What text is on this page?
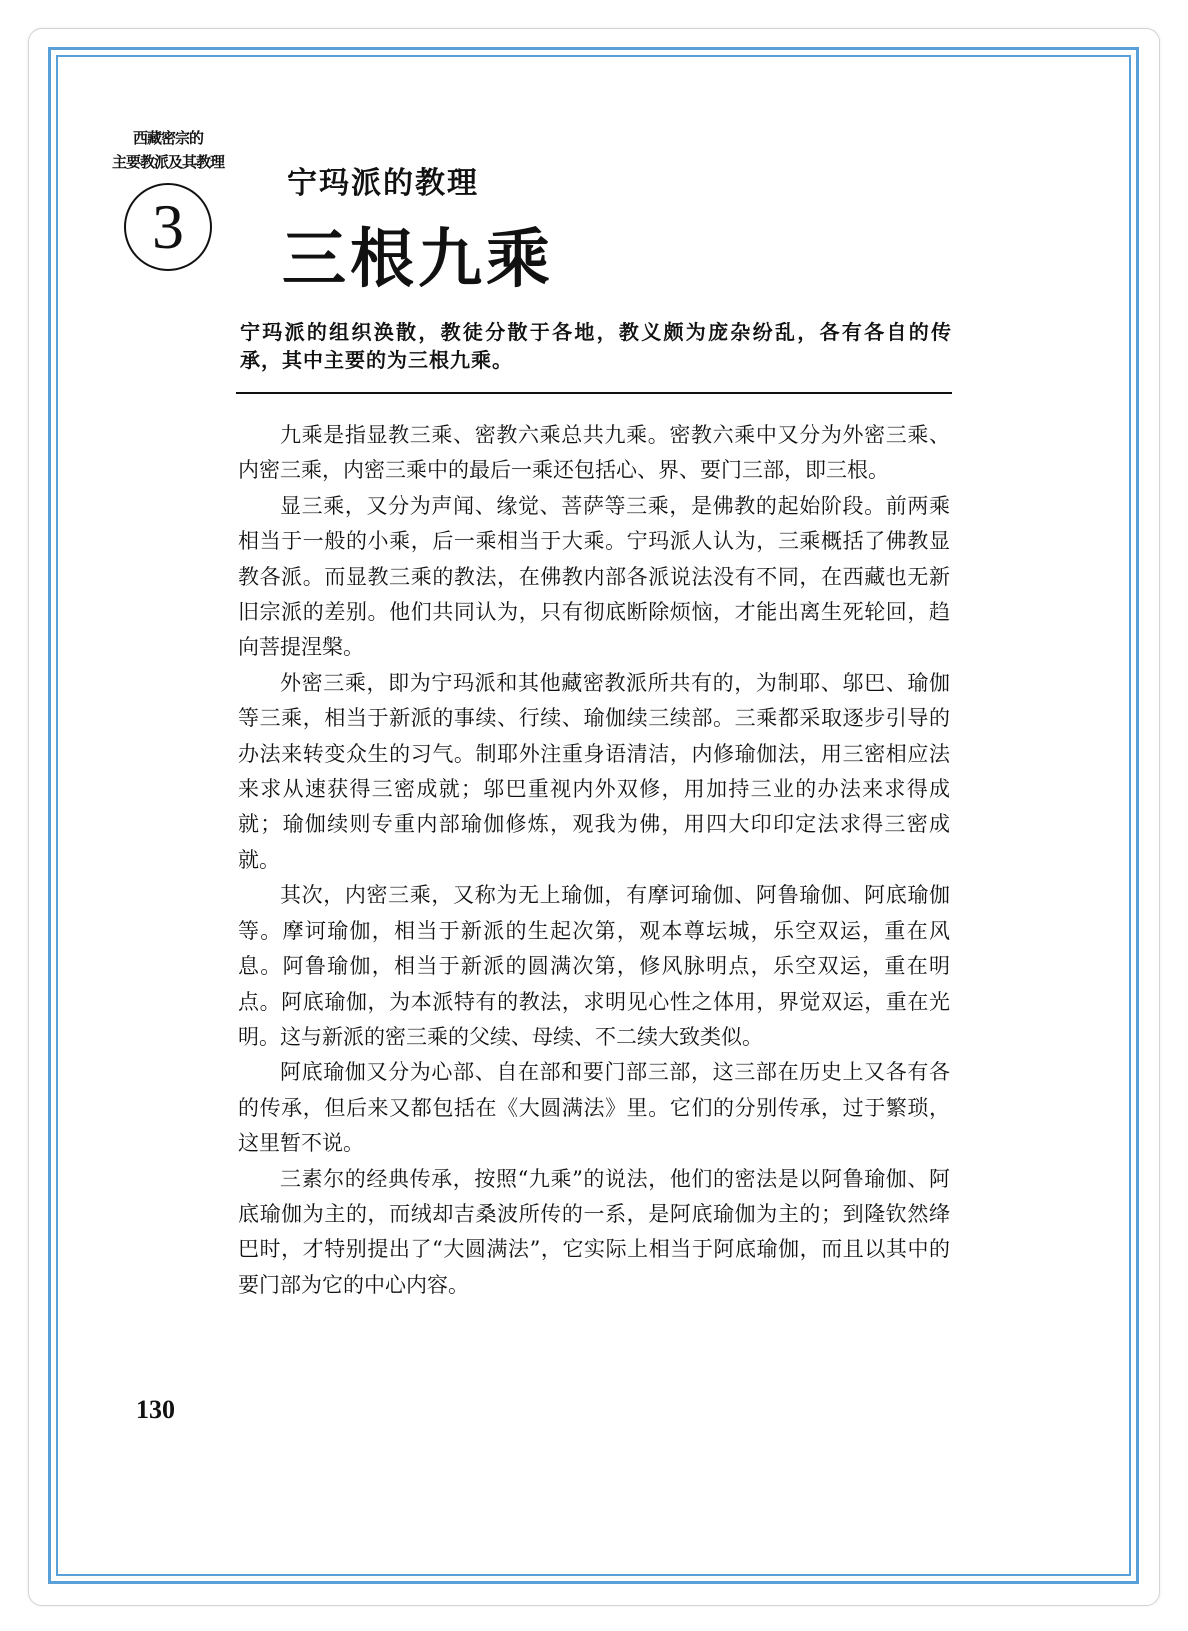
西藏密宗的
主要教派及其教理
3
宁玛派的教理
三根九乘
宁玛派的组织涣散，教徒分散于各地，教义颇为庞杂纷乱，各有各自的传承，其中主要的为三根九乘。

九乘是指显教三乘、密教六乘总共九乘。密教六乘中又分为外密三乘、内密三乘，内密三乘中的最后一乘还包括心、界、要门三部，即三根。

显三乘，又分为声闻、缘觉、菩萨等三乘，是佛教的起始阶段。前两乘相当于一般的小乘，后一乘相当于大乘。宁玛派人认为，三乘概括了佛教显教各派。而显教三乘的教法，在佛教内部各派说法没有不同，在西藏也无新旧宗派的差别。他们共同认为，只有彻底断除烦恼，才能出离生死轮回，趋向菩提涅槃。

外密三乘，即为宁玛派和其他藏密教派所共有的，为制耶、邬巴、瑜伽等三乘，相当于新派的事续、行续、瑜伽续三续部。三乘都采取逐步引导的办法来转变众生的习气。制耶外注重身语清洁，内修瑜伽法，用三密相应法来求从速获得三密成就；邬巴重视内外双修，用加持三业的办法来求得成就；瑜伽续则专重内部瑜伽修炼，观我为佛，用四大印印定法求得三密成就。

其次，内密三乘，又称为无上瑜伽，有摩诃瑜伽、阿鲁瑜伽、阿底瑜伽等。摩诃瑜伽，相当于新派的生起次第，观本尊坛城，乐空双运，重在风息。阿鲁瑜伽，相当于新派的圆满次第，修风脉明点，乐空双运，重在明点。阿底瑜伽，为本派特有的教法，求明见心性之体用，界觉双运，重在光明。这与新派的密三乘的父续、母续、不二续大致类似。

阿底瑜伽又分为心部、自在部和要门部三部，这三部在历史上又各有各的传承，但后来又都包括在《大圆满法》里。它们的分别传承，过于繁琐，这里暂不说。

三素尔的经典传承，按照“九乘”的说法，他们的密法是以阿鲁瑜伽、阿底瑜伽为主的，而绒却吉桑波所传的一系，是阿底瑜伽为主的；到隆钦然绛巴时，才特别提出了“大圆满法”，它实际上相当于阿底瑜伽，而且以其中的要门部为它的中心内容。

130
